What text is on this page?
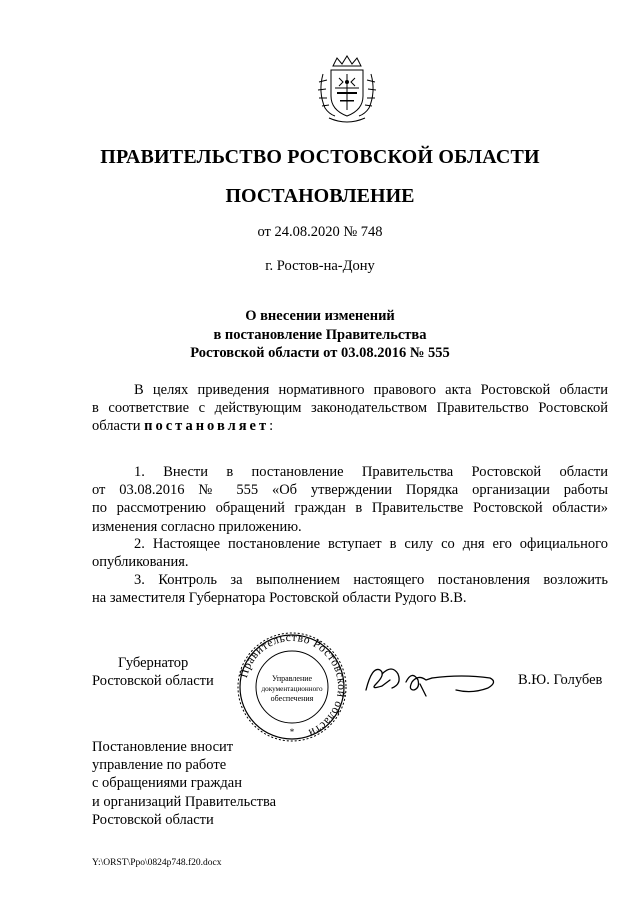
ПРАВИТЕЛЬСТВО РОСТОВСКОЙ ОБЛАСТИ
ПОСТАНОВЛЕНИЕ
от 24.08.2020 № 748
г. Ростов-на-Дону
О внесении изменений
в постановление Правительства
Ростовской области от 03.08.2016 № 555
В целях приведения нормативного правового акта Ростовской области
в соответствие с действующим законодательством Правительство Ростовской
области постановляет:
1. Внести в постановление Правительства Ростовской области
от 03.08.2016 № 555 «Об утверждении Порядка организации работы
по рассмотрению обращений граждан в Правительстве Ростовской области»
изменения согласно приложению.
2. Настоящее постановление вступает в силу со дня его официального
опубликования.
3. Контроль за выполнением настоящего постановления возложить
на заместителя Губернатора Ростовской области Рудого В.В.
Губернатор
Ростовской области Правительство Ростовской области
Управление
документационного
обеспечения
*
В.Ю. Голубев
Постановление вносит
управление по работе
с обращениями граждан
и организаций Правительства
Ростовской области
Y:\ORST\Ppo\0824p748.f20.docx
